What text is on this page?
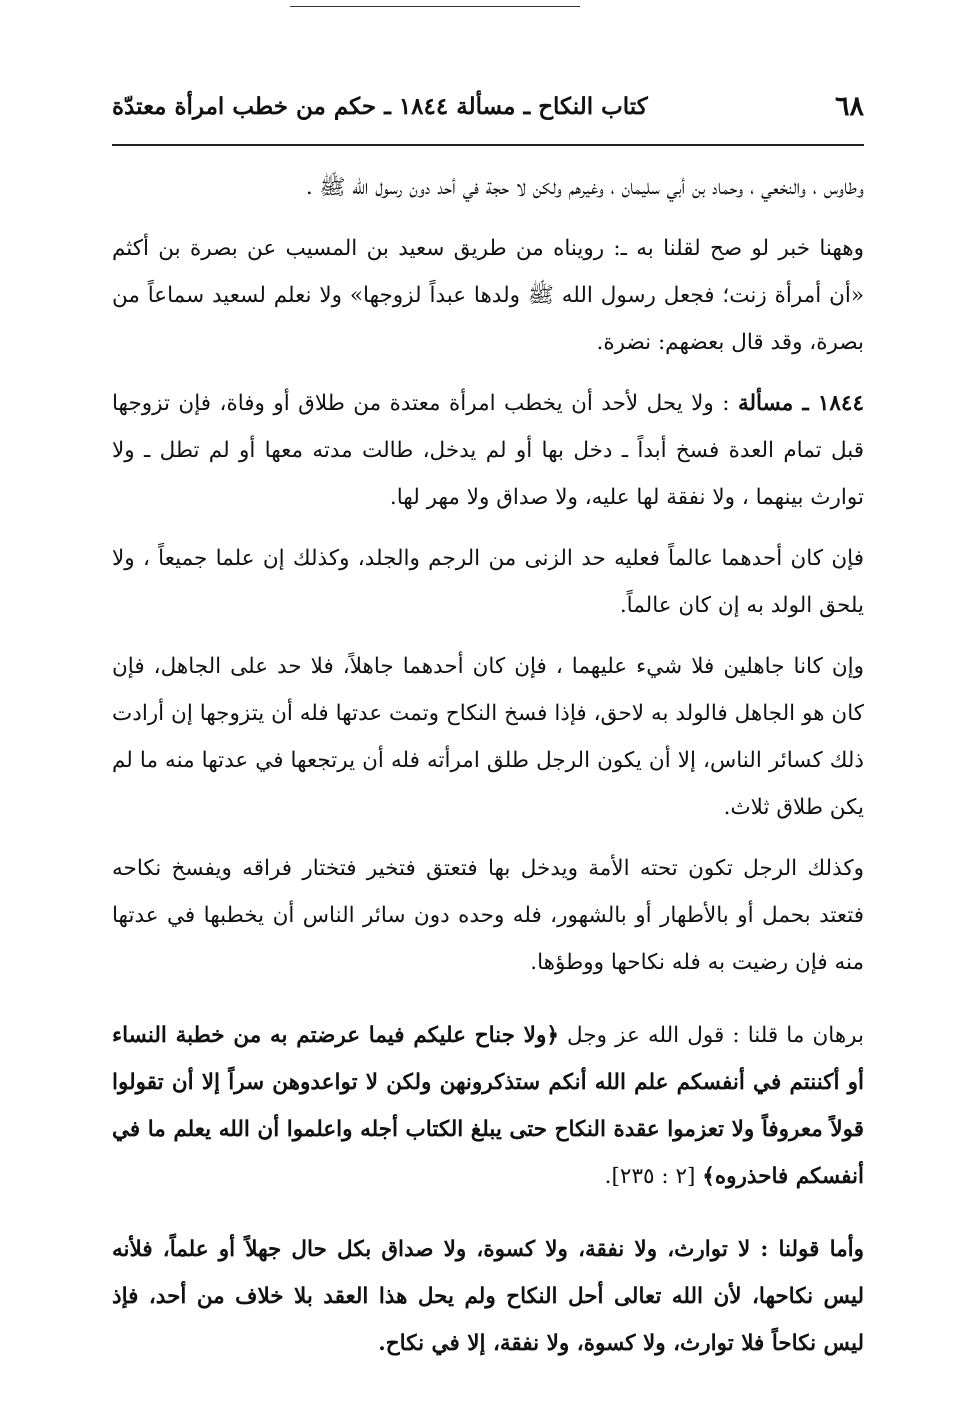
٦٨
كتاب النكاح ـ مسألة ١٨٤٤ ـ حكم من خطب امرأة معتدّة

وطاوس ، والنخعي ، وحماد بن أبي سليمان ، وغيرهم ولكن لا حجة في أحد دون رسول الله ﷺ .

وههنا خبر لو صح لقلنا به ـ: رويناه من طريق سعيد بن المسيب عن بصرة بن أكثم «أن أمرأة زنت؛ فجعل رسول الله ﷺ ولدها عبداً لزوجها» ولا نعلم لسعيد سماعاً من بصرة، وقد قال بعضهم: نضرة.

١٨٤٤ ـ مسألة : ولا يحل لأحد أن يخطب امرأة معتدة من طلاق أو وفاة، فإن تزوجها قبل تمام العدة فسخ أبداً ـ دخل بها أو لم يدخل، طالت مدته معها أو لم تطل ـ ولا توارث بينهما ، ولا نفقة لها عليه، ولا صداق ولا مهر لها.

فإن كان أحدهما عالماً فعليه حد الزنى من الرجم والجلد، وكذلك إن علما جميعاً ، ولا يلحق الولد به إن كان عالماً.

وإن كانا جاهلين فلا شيء عليهما ، فإن كان أحدهما جاهلاً، فلا حد على الجاهل، فإن كان هو الجاهل فالولد به لاحق، فإذا فسخ النكاح وتمت عدتها فله أن يتزوجها إن أرادت ذلك كسائر الناس، إلا أن يكون الرجل طلق امرأته فله أن يرتجعها في عدتها منه ما لم يكن طلاق ثلاث.

وكذلك الرجل تكون تحته الأمة ويدخل بها فتعتق فتخير فتختار فراقه ويفسخ نكاحه فتعتد بحمل أو بالأطهار أو بالشهور، فله وحده دون سائر الناس أن يخطبها في عدتها منه فإن رضيت به فله نكاحها ووطؤها.

برهان ما قلنا : قول الله عز وجل ﴿ولا جناح عليكم فيما عرضتم به من خطبة النساء أو أكننتم في أنفسكم علم الله أنكم ستذكرونهن ولكن لا تواعدوهن سراً إلا أن تقولوا قولاً معروفاً ولا تعزموا عقدة النكاح حتى يبلغ الكتاب أجله واعلموا أن الله يعلم ما في أنفسكم فاحذروه﴾ [٢ : ٢٣٥].

وأما قولنا : لا توارث، ولا نفقة، ولا كسوة، ولا صداق بكل حال جهلاً أو علماً، فلأنه ليس نكاحها، لأن الله تعالى أحل النكاح ولم يحل هذا العقد بلا خلاف من أحد، فإذ ليس نكاحاً فلا توارث، ولا كسوة، ولا نفقة، إلا في نكاح.
